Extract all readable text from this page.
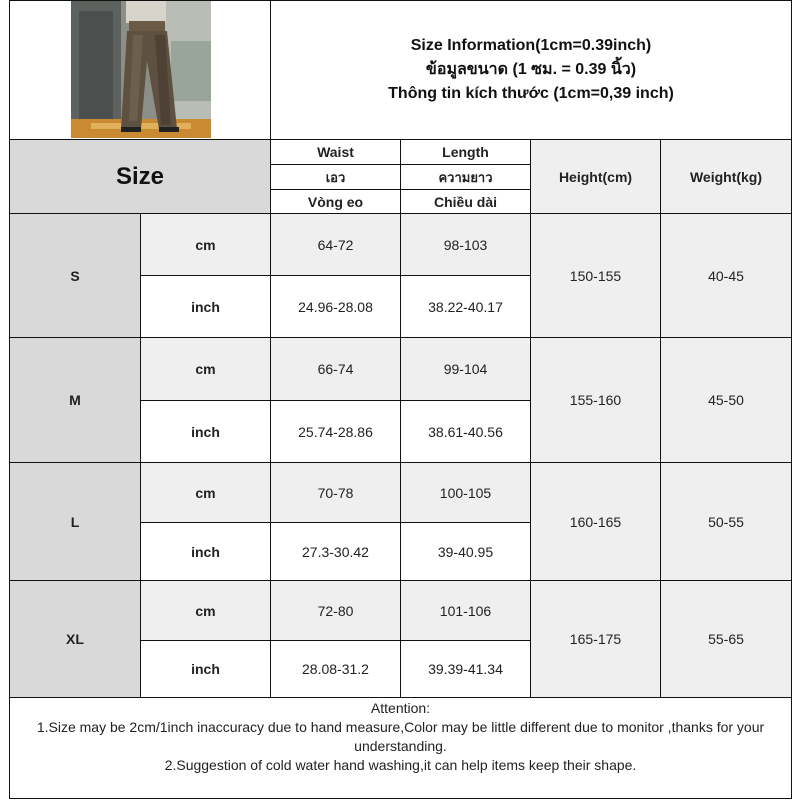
Size Information(1cm=0.39inch)
ข้อมูลขนาด (1 ซม. = 0.39 นิ้ว)
Thông tin kích thước (1cm=0,39 inch)
Size
Waist	Length
เอว	ความยาว
Vòng eo	Chiều dài
Height(cm)	Weight(kg)
S
cm	64-72	98-103
inch	24.96-28.08	38.22-40.17
150-155	40-45
M
cm	66-74	99-104
inch	25.74-28.86	38.61-40.56
155-160	45-50
L
cm	70-78	100-105
inch	27.3-30.42	39-40.95
160-165	50-55
XL
cm	72-80	101-106
inch	28.08-31.2	39.39-41.34
165-175	55-65
Attention:
1.Size may be 2cm/1inch inaccuracy due to hand measure,Color may be little different due to monitor ,thanks for your
understanding.
2.Suggestion of cold water hand washing,it can help items keep their shape.
